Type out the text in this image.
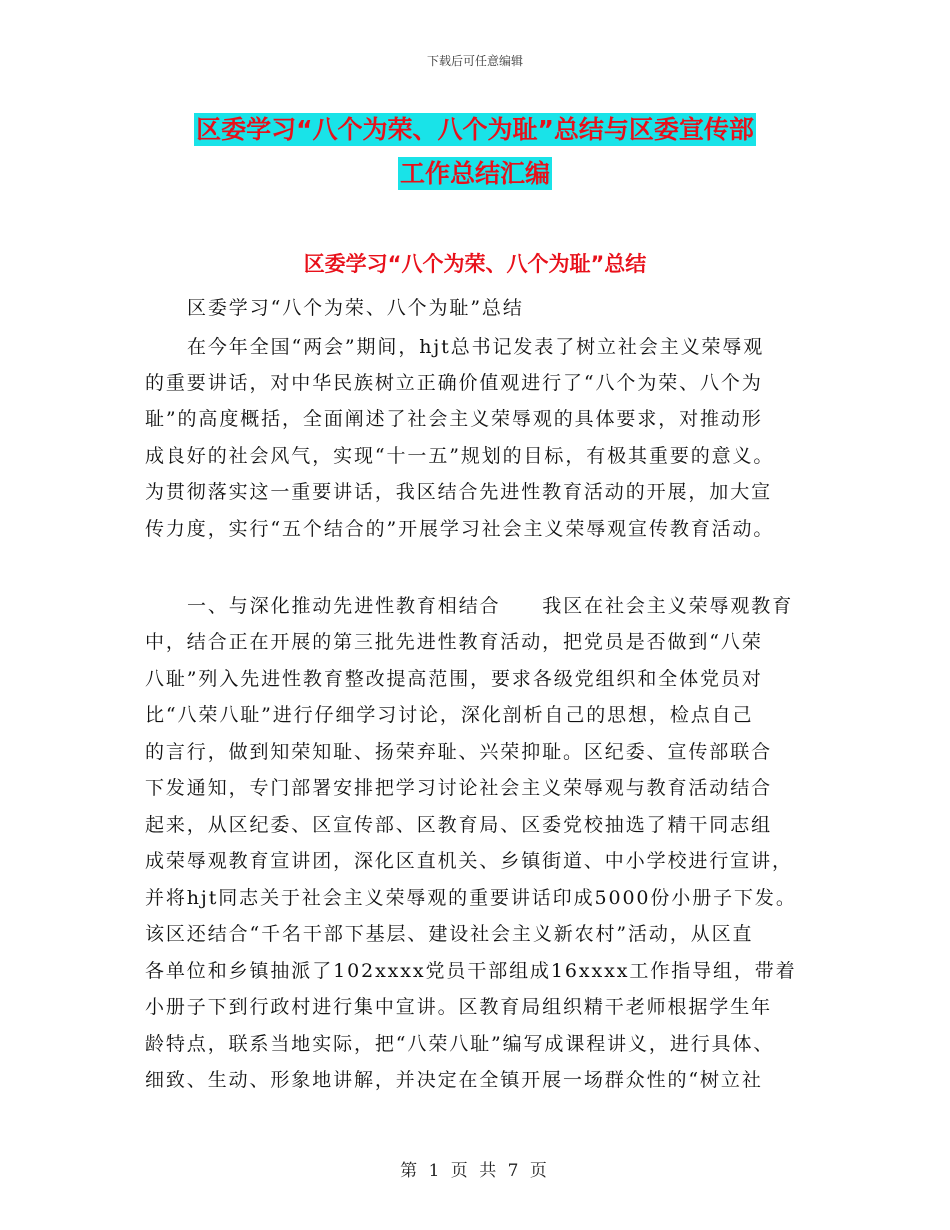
下载后可任意编辑
区委学习“八个为荣、八个为耻”总结与区委宣传部
工作总结汇编
区委学习“八个为荣、八个为耻”总结
区委学习“八个为荣、八个为耻”总结
在今年全国“两会”期间，hjt总书记发表了树立社会主义荣辱观
的重要讲话，对中华民族树立正确价值观进行了“八个为荣、八个为
耻”的高度概括，全面阐述了社会主义荣辱观的具体要求，对推动形
成良好的社会风气，实现“十一五”规划的目标，有极其重要的意义。
为贯彻落实这一重要讲话，我区结合先进性教育活动的开展，加大宣
传力度，实行“五个结合的”开展学习社会主义荣辱观宣传教育活动。
一、与深化推动先进性教育相结合　　我区在社会主义荣辱观教育
中，结合正在开展的第三批先进性教育活动，把党员是否做到“八荣
八耻”列入先进性教育整改提高范围，要求各级党组织和全体党员对
比“八荣八耻”进行仔细学习讨论，深化剖析自己的思想，检点自己
的言行，做到知荣知耻、扬荣弃耻、兴荣抑耻。区纪委、宣传部联合
下发通知，专门部署安排把学习讨论社会主义荣辱观与教育活动结合
起来，从区纪委、区宣传部、区教育局、区委党校抽选了精干同志组
成荣辱观教育宣讲团，深化区直机关、乡镇街道、中小学校进行宣讲，
并将hjt同志关于社会主义荣辱观的重要讲话印成5000份小册子下发。
该区还结合“千名干部下基层、建设社会主义新农村”活动，从区直
各单位和乡镇抽派了102xxxx党员干部组成16xxxx工作指导组，带着
小册子下到行政村进行集中宣讲。区教育局组织精干老师根据学生年
龄特点，联系当地实际，把“八荣八耻”编写成课程讲义，进行具体、
细致、生动、形象地讲解，并决定在全镇开展一场群众性的“树立社
第 1 页 共 7 页
